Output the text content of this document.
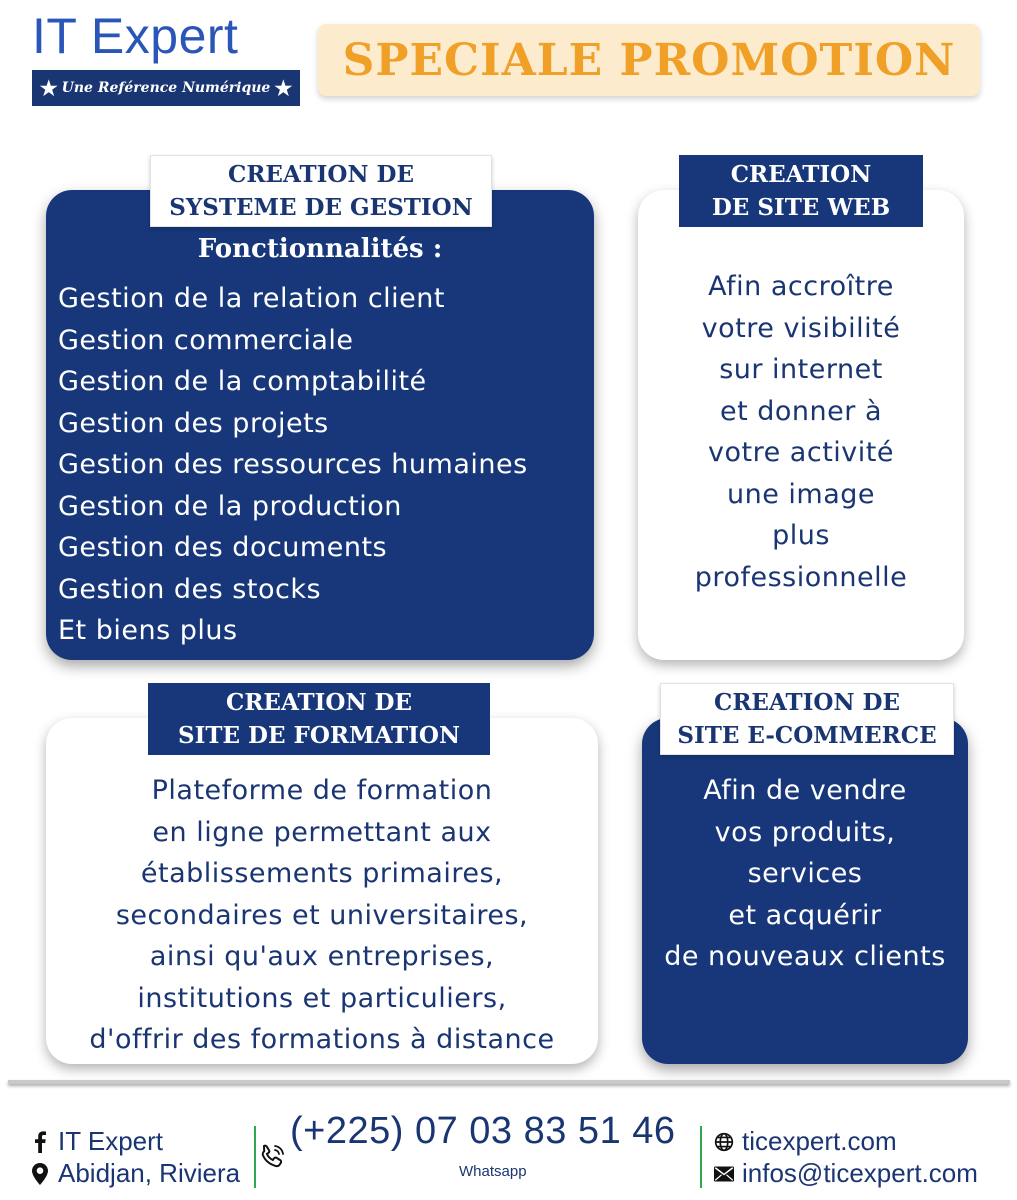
IT Expert
★ Une Reférence Numérique ★
SPECIALE PROMOTION
CREATION DE
SYSTEME DE GESTION
Fonctionnalités :
Gestion de la relation client
Gestion commerciale
Gestion de la comptabilité
Gestion des projets
Gestion des ressources humaines
Gestion de la production
Gestion des documents
Gestion des stocks
Et biens plus
CREATION
DE SITE WEB
Afin accroître
votre visibilité
sur internet
et donner à
votre activité
une image
plus
professionnelle
CREATION DE
SITE DE FORMATION
Plateforme de formation
en ligne permettant aux
établissements primaires,
secondaires et universitaires,
ainsi qu'aux entreprises,
institutions et particuliers,
d'offrir des formations à distance
CREATION DE
SITE E-COMMERCE
Afin de vendre
vos produits,
services
et acquérir
de nouveaux clients
IT Expert
Abidjan, Riviera
(+225) 07 03 83 51 46
Whatsapp
ticexpert.com
infos@ticexpert.com
